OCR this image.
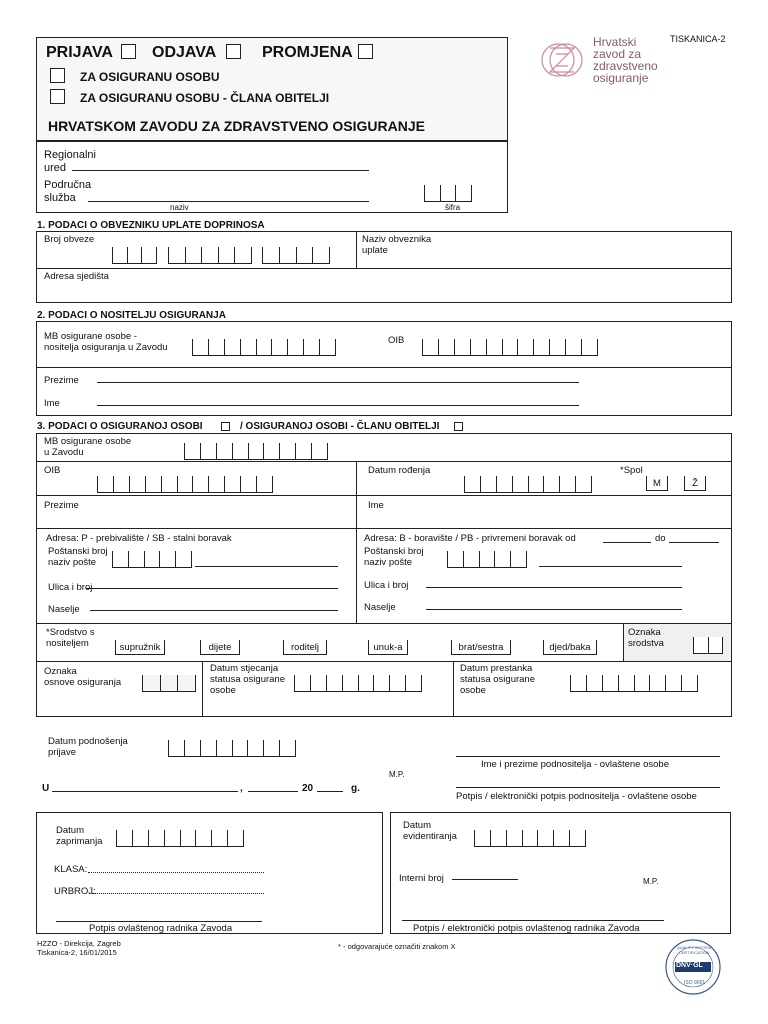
PRIJAVA ODJAVA	PROMJENA
ZA OSIGURANU OSOBU
ZA OSIGURANU OSOBU - ČLANA OBITELJI
HRVATSKOM ZAVODU ZA ZDRAVSTVENO OSIGURANJE
Hrvatski
zavod za
zdravstveno
osiguranje
TISKANICA-2
Regionalni
ured
Područna
služba
naziv	šifra
1. PODACI O OBVEZNIKU UPLATE DOPRINOSA
Broj obveze	Naziv obveznika
uplate
Adresa sjedišta
2. PODACI O NOSITELJU OSIGURANJA
MB osigurane osobe -
nositelja osiguranja u Zavodu
OIB
Prezime
Ime
3. PODACI O OSIGURANOJ OSOBI	/ OSIGURANOJ OSOBI - ČLANU OBITELJI
MB osigurane osobe
u Zavodu
OIB	Datum rođenja	*Spol
M	Ž
Prezime	Ime
Adresa: P - prebivalište / SB - stalni boravak
Poštanski broj
naziv pošte
Ulica i broj
Naselje
Adresa: B - boravište / PB - privremeni boravak od	do
Poštanski broj
naziv pošte
Ulica i broj
Naselje
*Srodstvo s
nositeljem	supružnik	dijete	roditelj	unuk-a	brat/sestra	djed/baka
Oznaka
srodstva
Oznaka
osnove osiguranja
Datum stjecanja
statusa osigurane
osobe
Datum prestanka
statusa osigurane
osobe
Datum podnošenja
prijave
Ime i prezime podnositelja - ovlaštene osobe
M.P.
U	,	20	g.
Potpis / elektronički potpis podnositelja - ovlaštene osobe
Datum
zaprimanja
KLASA:
URBROJ:
Potpis ovlaštenog radnika Zavoda
Datum
evidentiranja
Interni broj	M.P.
Potpis / elektronički potpis ovlaštenog radnika Zavoda
HZZO - Direkcija, Zagreb
Tiskanica-2, 16/01/2015
* - odgovarajuće označiti znakom X
DNV·GL
ISO 9001
QUALITY SYSTEM CERTIFICATION
